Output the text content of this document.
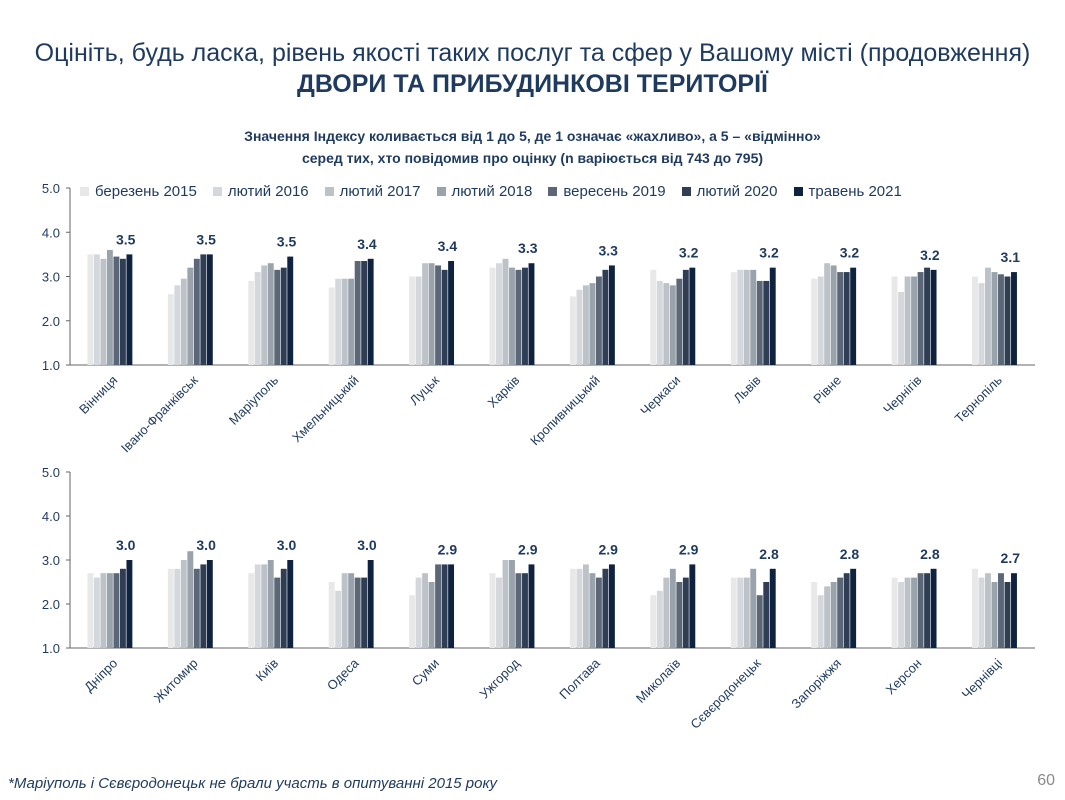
Оцініть, будь ласка, рівень якості таких послуг та сфер у Вашому місті (продовження)
ДВОРИ ТА ПРИБУДИНКОВІ ТЕРИТОРІЇ
Значення Індексу коливається від 1 до 5, де 1 означає «жахливо», а 5 – «відмінно»
серед тих, хто повідомив про оцінку (n варіюється від 743 до 795)
березень 2015 лютий 2016 лютий 2017 лютий 2018 вересень 2019 лютий 2020 травень 2021
1.0
2.0
3.0
4.0
5.0
3.5
Вінниця
3.5
Івано-Франківськ
3.5
Маріуполь
3.4
Хмельницький
3.4
Луцьк
3.3
Харків
3.3
Кропивницький
3.2
Черкаси
3.2
Львів
3.2
Рівне
3.2
Чернігів
3.1
Тернопіль
1.0
2.0
3.0
4.0
5.0
3.0
Дніпро
3.0
Житомир
3.0
Київ
3.0
Одеса
2.9
Суми
2.9
Ужгород
2.9
Полтава
2.9
Миколаїв
2.8
Сєвєродонецьк
2.8
Запоріжжя
2.8
Херсон
2.7
Чернівці
*Маріуполь і Сєвєродонецьк не брали участь в опитуванні 2015 року	60
